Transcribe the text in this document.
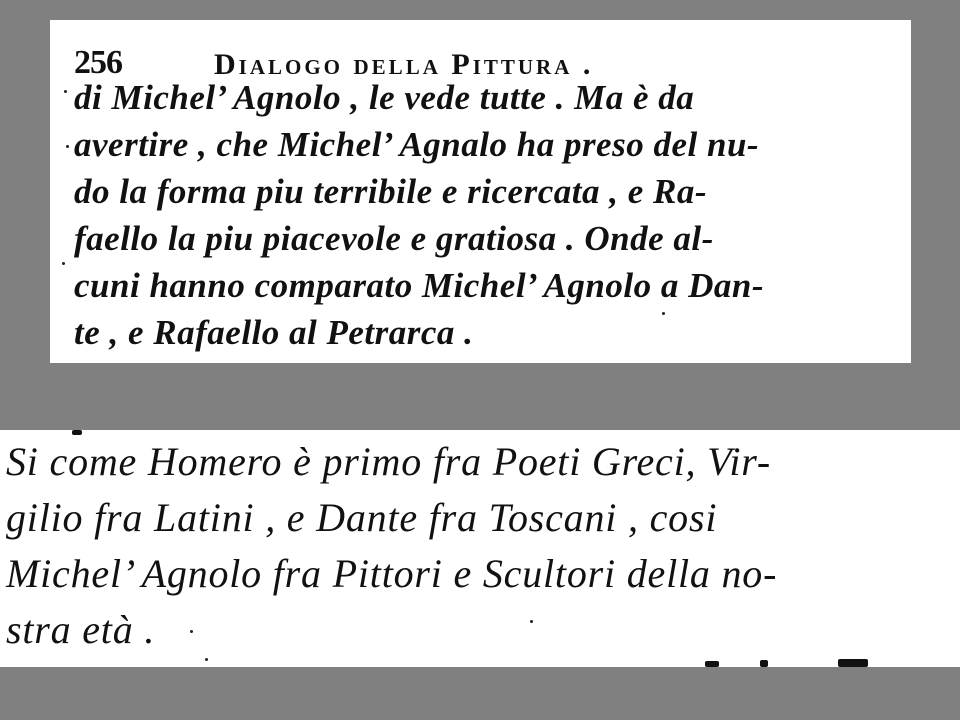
256	Dialogo della Pittura .
di Michel’ Agnolo , le vede tutte . Ma è da
avertire , che Michel’ Agnalo ha preso del nu-
do la forma piu terribile e ricercata , e Ra-
faello la piu piacevole e gratiosa . Onde al-
cuni hanno comparato Michel’ Agnolo a Dan-
te , e Rafaello al Petrarca .
Si come Homero è primo fra Poeti Greci, Vir-
gilio fra Latini , e Dante fra Toscani , cosi
Michel’ Agnolo fra Pittori e Scultori della no-
stra età .
